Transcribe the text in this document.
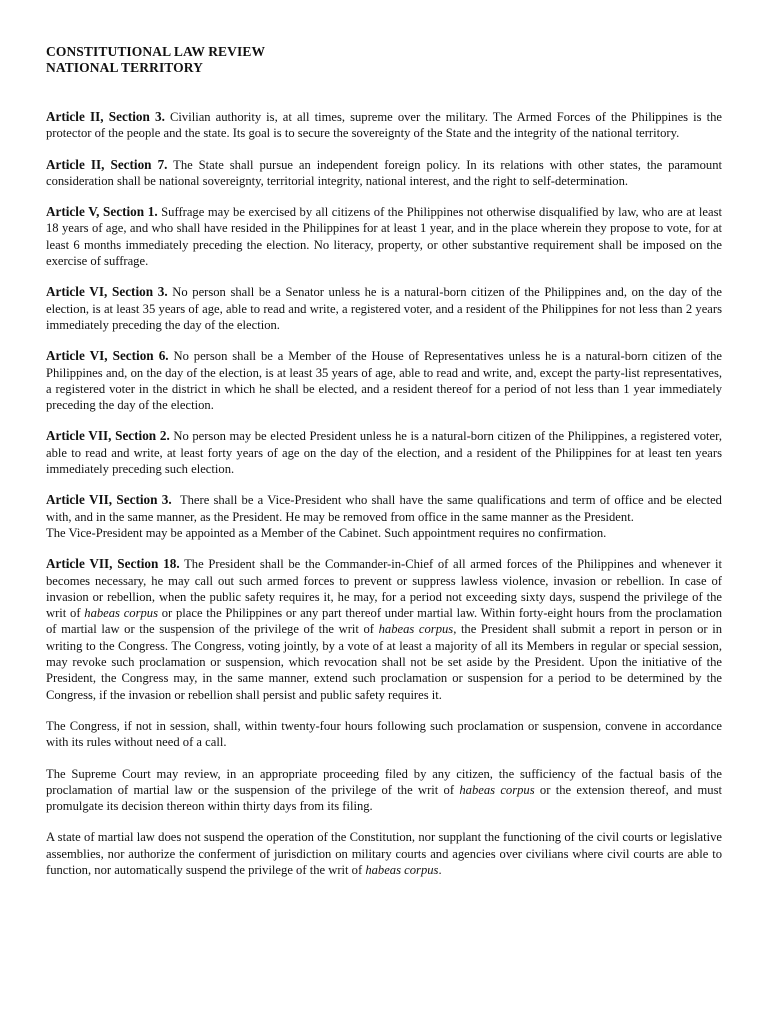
CONSTITUTIONAL LAW REVIEW
NATIONAL TERRITORY

Article II, Section 3. Civilian authority is, at all times, supreme over the military. The Armed Forces of the Philippines is the protector of the people and the state. Its goal is to secure the sovereignty of the State and the integrity of the national territory.

Article II, Section 7. The State shall pursue an independent foreign policy. In its relations with other states, the paramount consideration shall be national sovereignty, territorial integrity, national interest, and the right to self-determination.

Article V, Section 1. Suffrage may be exercised by all citizens of the Philippines not otherwise disqualified by law, who are at least 18 years of age, and who shall have resided in the Philippines for at least 1 year, and in the place wherein they propose to vote, for at least 6 months immediately preceding the election. No literacy, property, or other substantive requirement shall be imposed on the exercise of suffrage.

Article VI, Section 3. No person shall be a Senator unless he is a natural-born citizen of the Philippines and, on the day of the election, is at least 35 years of age, able to read and write, a registered voter, and a resident of the Philippines for not less than 2 years immediately preceding the day of the election.

Article VI, Section 6. No person shall be a Member of the House of Representatives unless he is a natural-born citizen of the Philippines and, on the day of the election, is at least 35 years of age, able to read and write, and, except the party-list representatives, a registered voter in the district in which he shall be elected, and a resident thereof for a period of not less than 1 year immediately preceding the day of the election.

Article VII, Section 2. No person may be elected President unless he is a natural-born citizen of the Philippines, a registered voter, able to read and write, at least forty years of age on the day of the election, and a resident of the Philippines for at least ten years immediately preceding such election.

Article VII, Section 3. There shall be a Vice-President who shall have the same qualifications and term of office and be elected with, and in the same manner, as the President. He may be removed from office in the same manner as the President.

The Vice-President may be appointed as a Member of the Cabinet. Such appointment requires no confirmation.

Article VII, Section 18. The President shall be the Commander-in-Chief of all armed forces of the Philippines and whenever it becomes necessary, he may call out such armed forces to prevent or suppress lawless violence, invasion or rebellion. In case of invasion or rebellion, when the public safety requires it, he may, for a period not exceeding sixty days, suspend the privilege of the writ of habeas corpus or place the Philippines or any part thereof under martial law. Within forty-eight hours from the proclamation of martial law or the suspension of the privilege of the writ of habeas corpus, the President shall submit a report in person or in writing to the Congress. The Congress, voting jointly, by a vote of at least a majority of all its Members in regular or special session, may revoke such proclamation or suspension, which revocation shall not be set aside by the President. Upon the initiative of the President, the Congress may, in the same manner, extend such proclamation or suspension for a period to be determined by the Congress, if the invasion or rebellion shall persist and public safety requires it.

The Congress, if not in session, shall, within twenty-four hours following such proclamation or suspension, convene in accordance with its rules without need of a call.

The Supreme Court may review, in an appropriate proceeding filed by any citizen, the sufficiency of the factual basis of the proclamation of martial law or the suspension of the privilege of the writ of habeas corpus or the extension thereof, and must promulgate its decision thereon within thirty days from its filing.

A state of martial law does not suspend the operation of the Constitution, nor supplant the functioning of the civil courts or legislative assemblies, nor authorize the conferment of jurisdiction on military courts and agencies over civilians where civil courts are able to function, nor automatically suspend the privilege of the writ of habeas corpus.
